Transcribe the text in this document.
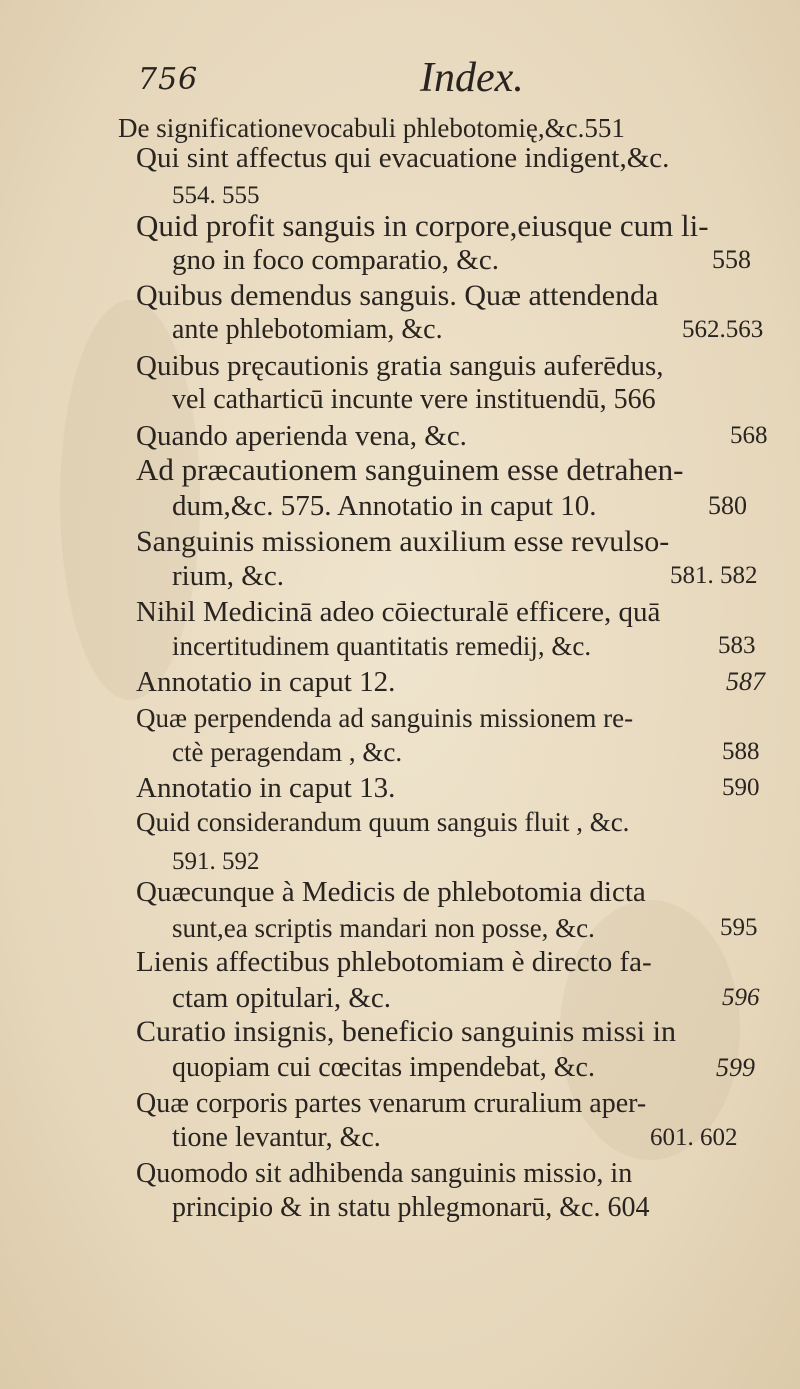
756	Index.
De significationevocabuli phlebotomię,&c.551
Qui sint affectus qui evacuatione indigent,&c.
554. 555
Quid profit sanguis in corpore,eiusque cum li-
gno in foco comparatio, &c.	558
Quibus demendus sanguis. Quæ attendenda
ante phlebotomiam, &c.	562.563
Quibus pręcautionis gratia sanguis auferēdus,
vel catharticū incunte vere instituendū, 566
Quando aperienda vena, &c.	568
Ad præcautionem sanguinem esse detrahen-
dum,&c. 575. Annotatio in caput 10.	580
Sanguinis missionem auxilium esse revulso-
rium, &c.	581. 582
Nihil Medicinā adeo cōiecturalē efficere, quā
incertitudinem quantitatis remedij, &c.	583
Annotatio in caput 12.	587
Quæ perpendenda ad sanguinis missionem re-
ctè peragendam , &c.	588
Annotatio in caput 13.	590
Quid considerandum quum sanguis fluit , &c.
591. 592
Quæcunque à Medicis de phlebotomia dicta
sunt,ea scriptis mandari non posse, &c.	595
Lienis affectibus phlebotomiam è directo fa-
ctam opitulari, &c.	596
Curatio insignis, beneficio sanguinis missi in
quopiam cui cœcitas impendebat, &c.	599
Quæ corporis partes venarum cruralium aper-
tione levantur, &c.	601. 602
Quomodo sit adhibenda sanguinis missio, in
principio & in statu phlegmonarū, &c. 604
